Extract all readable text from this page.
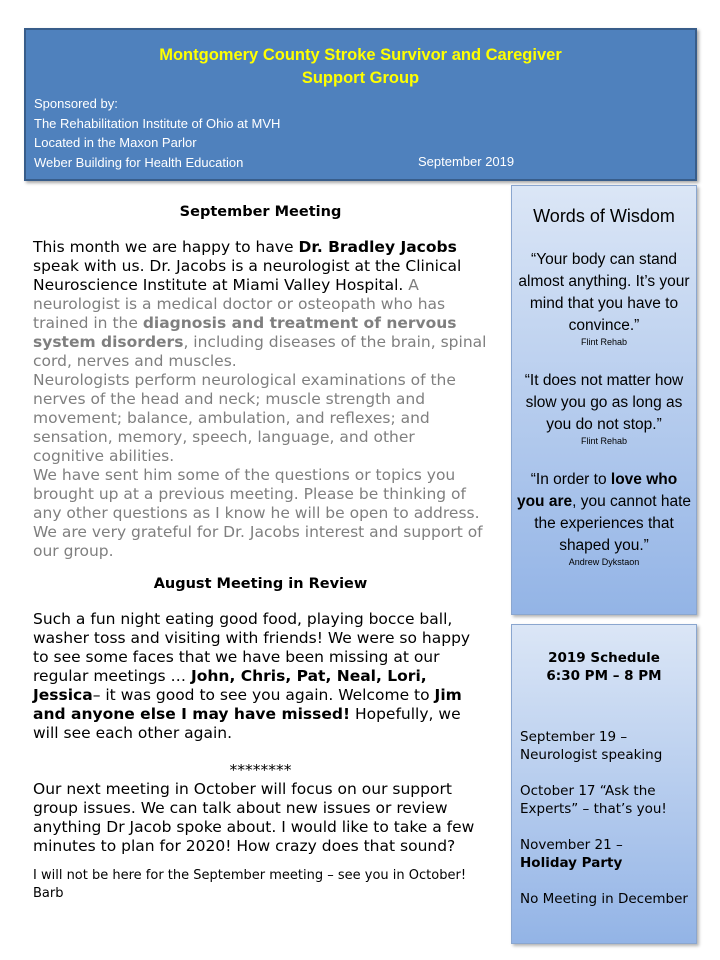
Montgomery County Stroke Survivor and Caregiver
Support Group
Sponsored by:
The Rehabilitation Institute of Ohio at MVH
Located in the Maxon Parlor
Weber Building for Health Education	September 2019
September Meeting

This month we are happy to have Dr. Bradley Jacobs speak with us. Dr. Jacobs is a neurologist at the Clinical Neuroscience Institute at Miami Valley Hospital. A neurologist is a medical doctor or osteopath who has trained in the diagnosis and treatment of nervous system disorders, including diseases of the brain, spinal cord, nerves and muscles.

Neurologists perform neurological examinations of the nerves of the head and neck; muscle strength and movement; balance, ambulation, and reflexes; and sensation, memory, speech, language, and other cognitive abilities.

We have sent him some of the questions or topics you brought up at a previous meeting. Please be thinking of any other questions as I know he will be open to address. We are very grateful for Dr. Jacobs interest and support of our group.

August Meeting in Review

Such a fun night eating good food, playing bocce ball, washer toss and visiting with friends! We were so happy to see some faces that we have been missing at our regular meetings … John, Chris, Pat, Neal, Lori, Jessica– it was good to see you again. Welcome to Jim and anyone else I may have missed! Hopefully, we will see each other again.

********

Our next meeting in October will focus on our support group issues. We can talk about new issues or review anything Dr Jacob spoke about. I would like to take a few minutes to plan for 2020! How crazy does that sound?

I will not be here for the September meeting – see you in October! Barb

Words of Wisdom
“Your body can stand almost anything. It’s your mind that you have to convince.”
Flint Rehab
“It does not matter how slow you go as long as you do not stop.”
Flint Rehab
“In order to love who you are, you cannot hate the experiences that shaped you.”
Andrew Dykstaon
2019 Schedule
6:30 PM – 8 PM
September 19 – Neurologist speaking
October 17 “Ask the Experts” – that’s you!
November 21 –
Holiday Party
No Meeting in December
